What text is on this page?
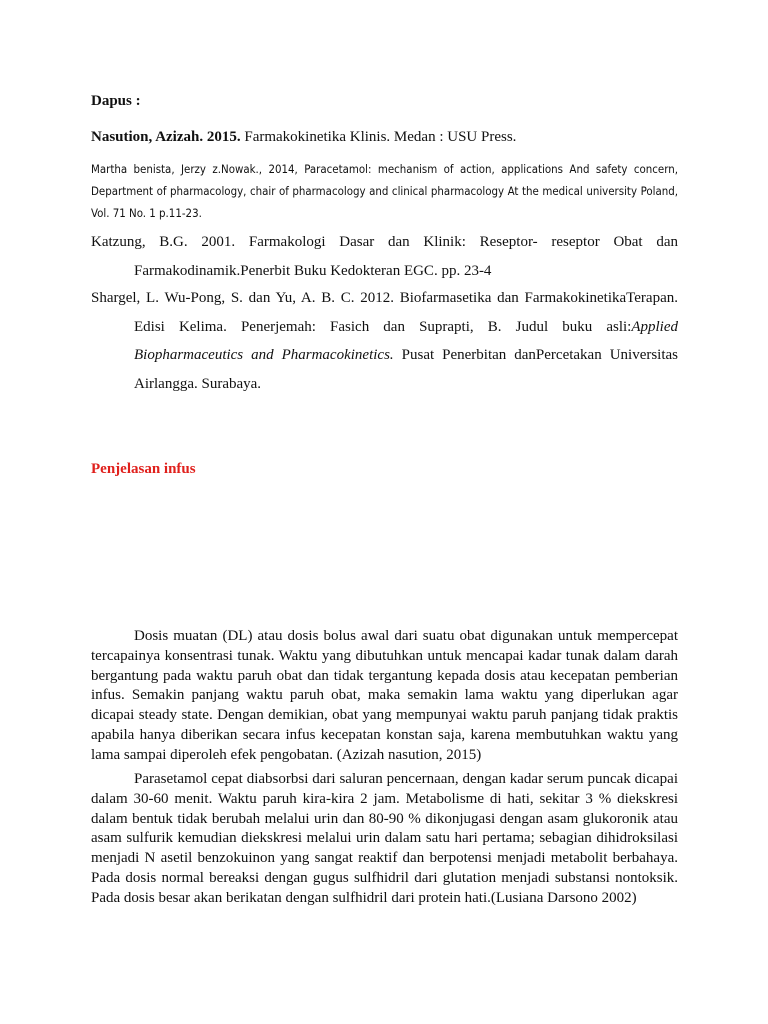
Dapus :
Nasution, Azizah. 2015. Farmakokinetika Klinis. Medan : USU Press.
Martha benista, Jerzy z.Nowak., 2014, Paracetamol: mechanism of action, applications And safety concern, Department of pharmacology, chair of pharmacology and clinical pharmacology At the medical university Poland, Vol. 71 No. 1 p.11-23.
Katzung, B.G. 2001. Farmakologi Dasar dan Klinik: Reseptor- reseptor Obat dan Farmakodinamik.Penerbit Buku Kedokteran EGC. pp. 23-4
Shargel, L. Wu-Pong, S. dan Yu, A. B. C. 2012. Biofarmasetika dan FarmakokinetikaTerapan. Edisi Kelima. Penerjemah: Fasich dan Suprapti, B. Judul buku asli:Applied Biopharmaceutics and Pharmacokinetics. Pusat Penerbitan danPercetakan Universitas Airlangga. Surabaya.
Penjelasan infus

Dosis muatan (DL) atau dosis bolus awal dari suatu obat digunakan untuk mempercepat tercapainya konsentrasi tunak. Waktu yang dibutuhkan untuk mencapai kadar tunak dalam darah bergantung pada waktu paruh obat dan tidak tergantung kepada dosis atau kecepatan pemberian infus. Semakin panjang waktu paruh obat, maka semakin lama waktu yang diperlukan agar dicapai steady state. Dengan demikian, obat yang mempunyai waktu paruh panjang tidak praktis apabila hanya diberikan secara infus kecepatan konstan saja, karena membutuhkan waktu yang lama sampai diperoleh efek pengobatan. (Azizah nasution, 2015)

Parasetamol cepat diabsorbsi dari saluran pencernaan, dengan kadar serum puncak dicapai dalam 30-60 menit. Waktu paruh kira-kira 2 jam. Metabolisme di hati, sekitar 3 % diekskresi dalam bentuk tidak berubah melalui urin dan 80-90 % dikonjugasi dengan asam glukoronik atau asam sulfurik kemudian diekskresi melalui urin dalam satu hari pertama; sebagian dihidroksilasi menjadi N asetil benzokuinon yang sangat reaktif dan berpotensi menjadi metabolit berbahaya. Pada dosis normal bereaksi dengan gugus sulfhidril dari glutation menjadi substansi nontoksik. Pada dosis besar akan berikatan dengan sulfhidril dari protein hati.(Lusiana Darsono 2002)
